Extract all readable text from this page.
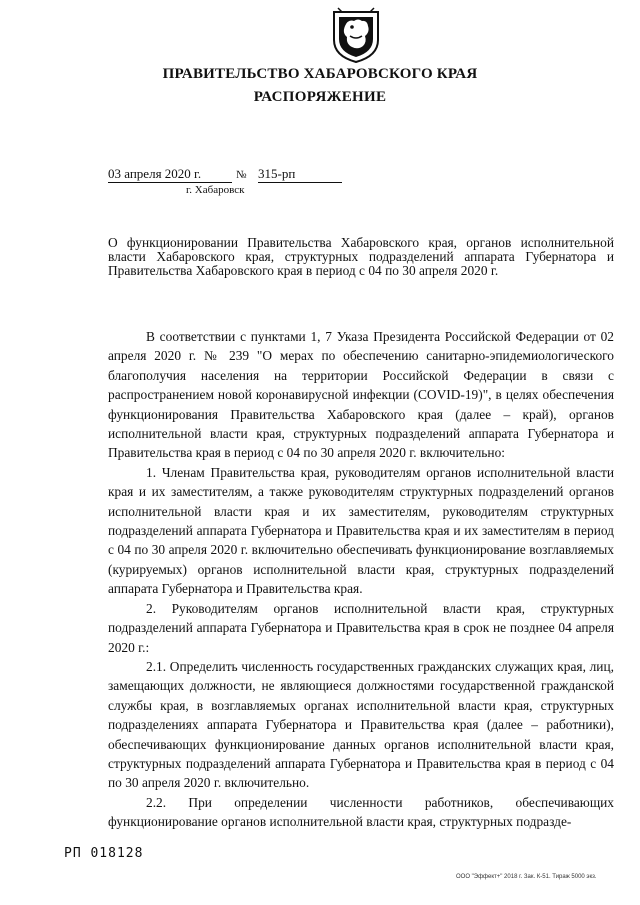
ПРАВИТЕЛЬСТВО ХАБАРОВСКОГО КРАЯ
РАСПОРЯЖЕНИЕ
03 апреля 2020 г.	№ 315-рп
г. Хабаровск
О функционировании Правительства Хабаровского края, органов исполнительной власти Хабаровского края, структурных подразделений аппарата Губернатора и Правительства Хабаровского края в период с 04 по 30 апреля 2020 г.

В соответствии с пунктами 1, 7 Указа Президента Российской Федерации от 02 апреля 2020 г. № 239 "О мерах по обеспечению санитарно-эпидемиологического благополучия населения на территории Российской Федерации в связи с распространением новой коронавирусной инфекции (COVID-19)", в целях обеспечения функционирования Правительства Хабаровского края (далее – край), органов исполнительной власти края, структурных подразделений аппарата Губернатора и Правительства края в период с 04 по 30 апреля 2020 г. включительно:

1. Членам Правительства края, руководителям органов исполнительной власти края и их заместителям, а также руководителям структурных подразделений органов исполнительной власти края и их заместителям, руководителям структурных подразделений аппарата Губернатора и Правительства края и их заместителям в период с 04 по 30 апреля 2020 г. включительно обеспечивать функционирование возглавляемых (курируемых) органов исполнительной власти края, структурных подразделений аппарата Губернатора и Правительства края.

2. Руководителям органов исполнительной власти края, структурных подразделений аппарата Губернатора и Правительства края в срок не позднее 04 апреля 2020 г.:

2.1. Определить численность государственных гражданских служащих края, лиц, замещающих должности, не являющиеся должностями государственной гражданской службы края, в возглавляемых органах исполнительной власти края, структурных подразделениях аппарата Губернатора и Правительства края (далее – работники), обеспечивающих функционирование данных органов исполнительной власти края, структурных подразделений аппарата Губернатора и Правительства края в период с 04 по 30 апреля 2020 г. включительно.

2.2. При определении численности работников, обеспечивающих функционирование органов исполнительной власти края, структурных подразде-

РП 018128
ООО "Эффект+" 2018 г. Зак. К-51. Тираж 5000 экз.
